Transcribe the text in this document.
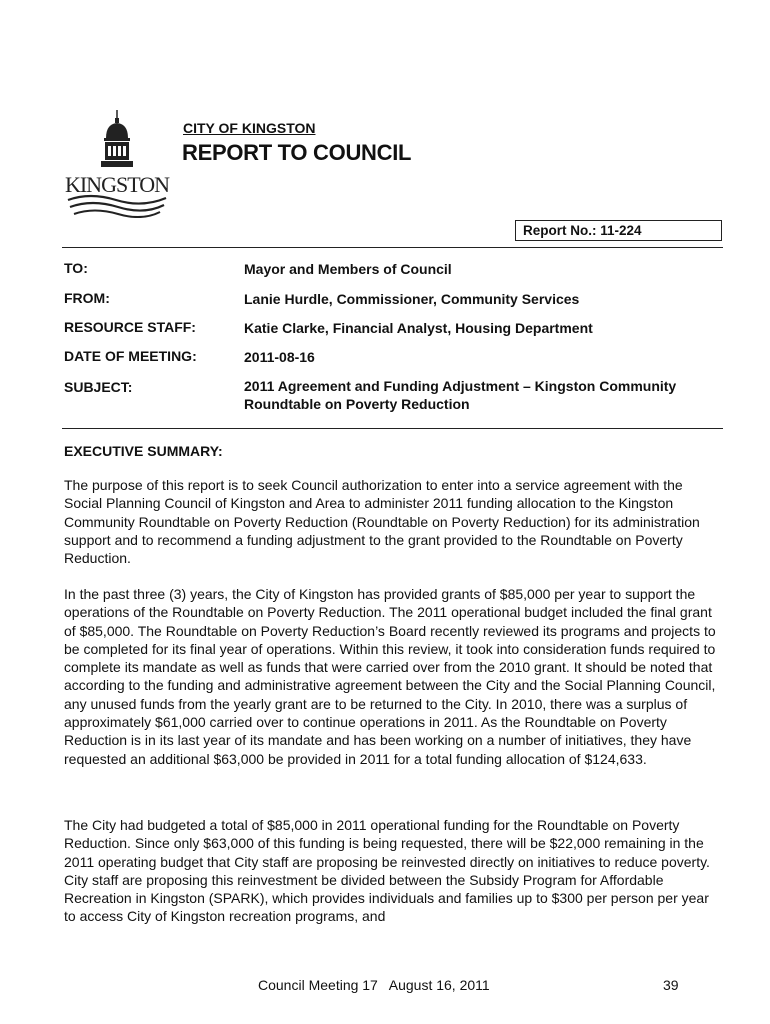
KINGSTON
CITY OF KINGSTON
REPORT TO COUNCIL
Report No.: 11-224
TO:	Mayor and Members of Council
FROM:	Lanie Hurdle, Commissioner, Community Services
RESOURCE STAFF:	Katie Clarke, Financial Analyst, Housing Department
DATE OF MEETING:	2011-08-16
SUBJECT:	2011 Agreement and Funding Adjustment – Kingston Community Roundtable on Poverty Reduction
EXECUTIVE SUMMARY:
The purpose of this report is to seek Council authorization to enter into a service agreement with the Social Planning Council of Kingston and Area to administer 2011 funding allocation to the Kingston Community Roundtable on Poverty Reduction (Roundtable on Poverty Reduction) for its administration support and to recommend a funding adjustment to the grant provided to the Roundtable on Poverty Reduction.
In the past three (3) years, the City of Kingston has provided grants of $85,000 per year to support the operations of the Roundtable on Poverty Reduction. The 2011 operational budget included the final grant of $85,000. The Roundtable on Poverty Reduction’s Board recently reviewed its programs and projects to be completed for its final year of operations. Within this review, it took into consideration funds required to complete its mandate as well as funds that were carried over from the 2010 grant. It should be noted that according to the funding and administrative agreement between the City and the Social Planning Council, any unused funds from the yearly grant are to be returned to the City. In 2010, there was a surplus of approximately $61,000 carried over to continue operations in 2011. As the Roundtable on Poverty Reduction is in its last year of its mandate and has been working on a number of initiatives, they have requested an additional $63,000 be provided in 2011 for a total funding allocation of $124,633.
The City had budgeted a total of $85,000 in 2011 operational funding for the Roundtable on Poverty Reduction. Since only $63,000 of this funding is being requested, there will be $22,000 remaining in the 2011 operating budget that City staff are proposing be reinvested directly on initiatives to reduce poverty. City staff are proposing this reinvestment be divided between the Subsidy Program for Affordable Recreation in Kingston (SPARK), which provides individuals and families up to $300 per person per year to access City of Kingston recreation programs, and
Council Meeting 17   August 16, 2011	39
